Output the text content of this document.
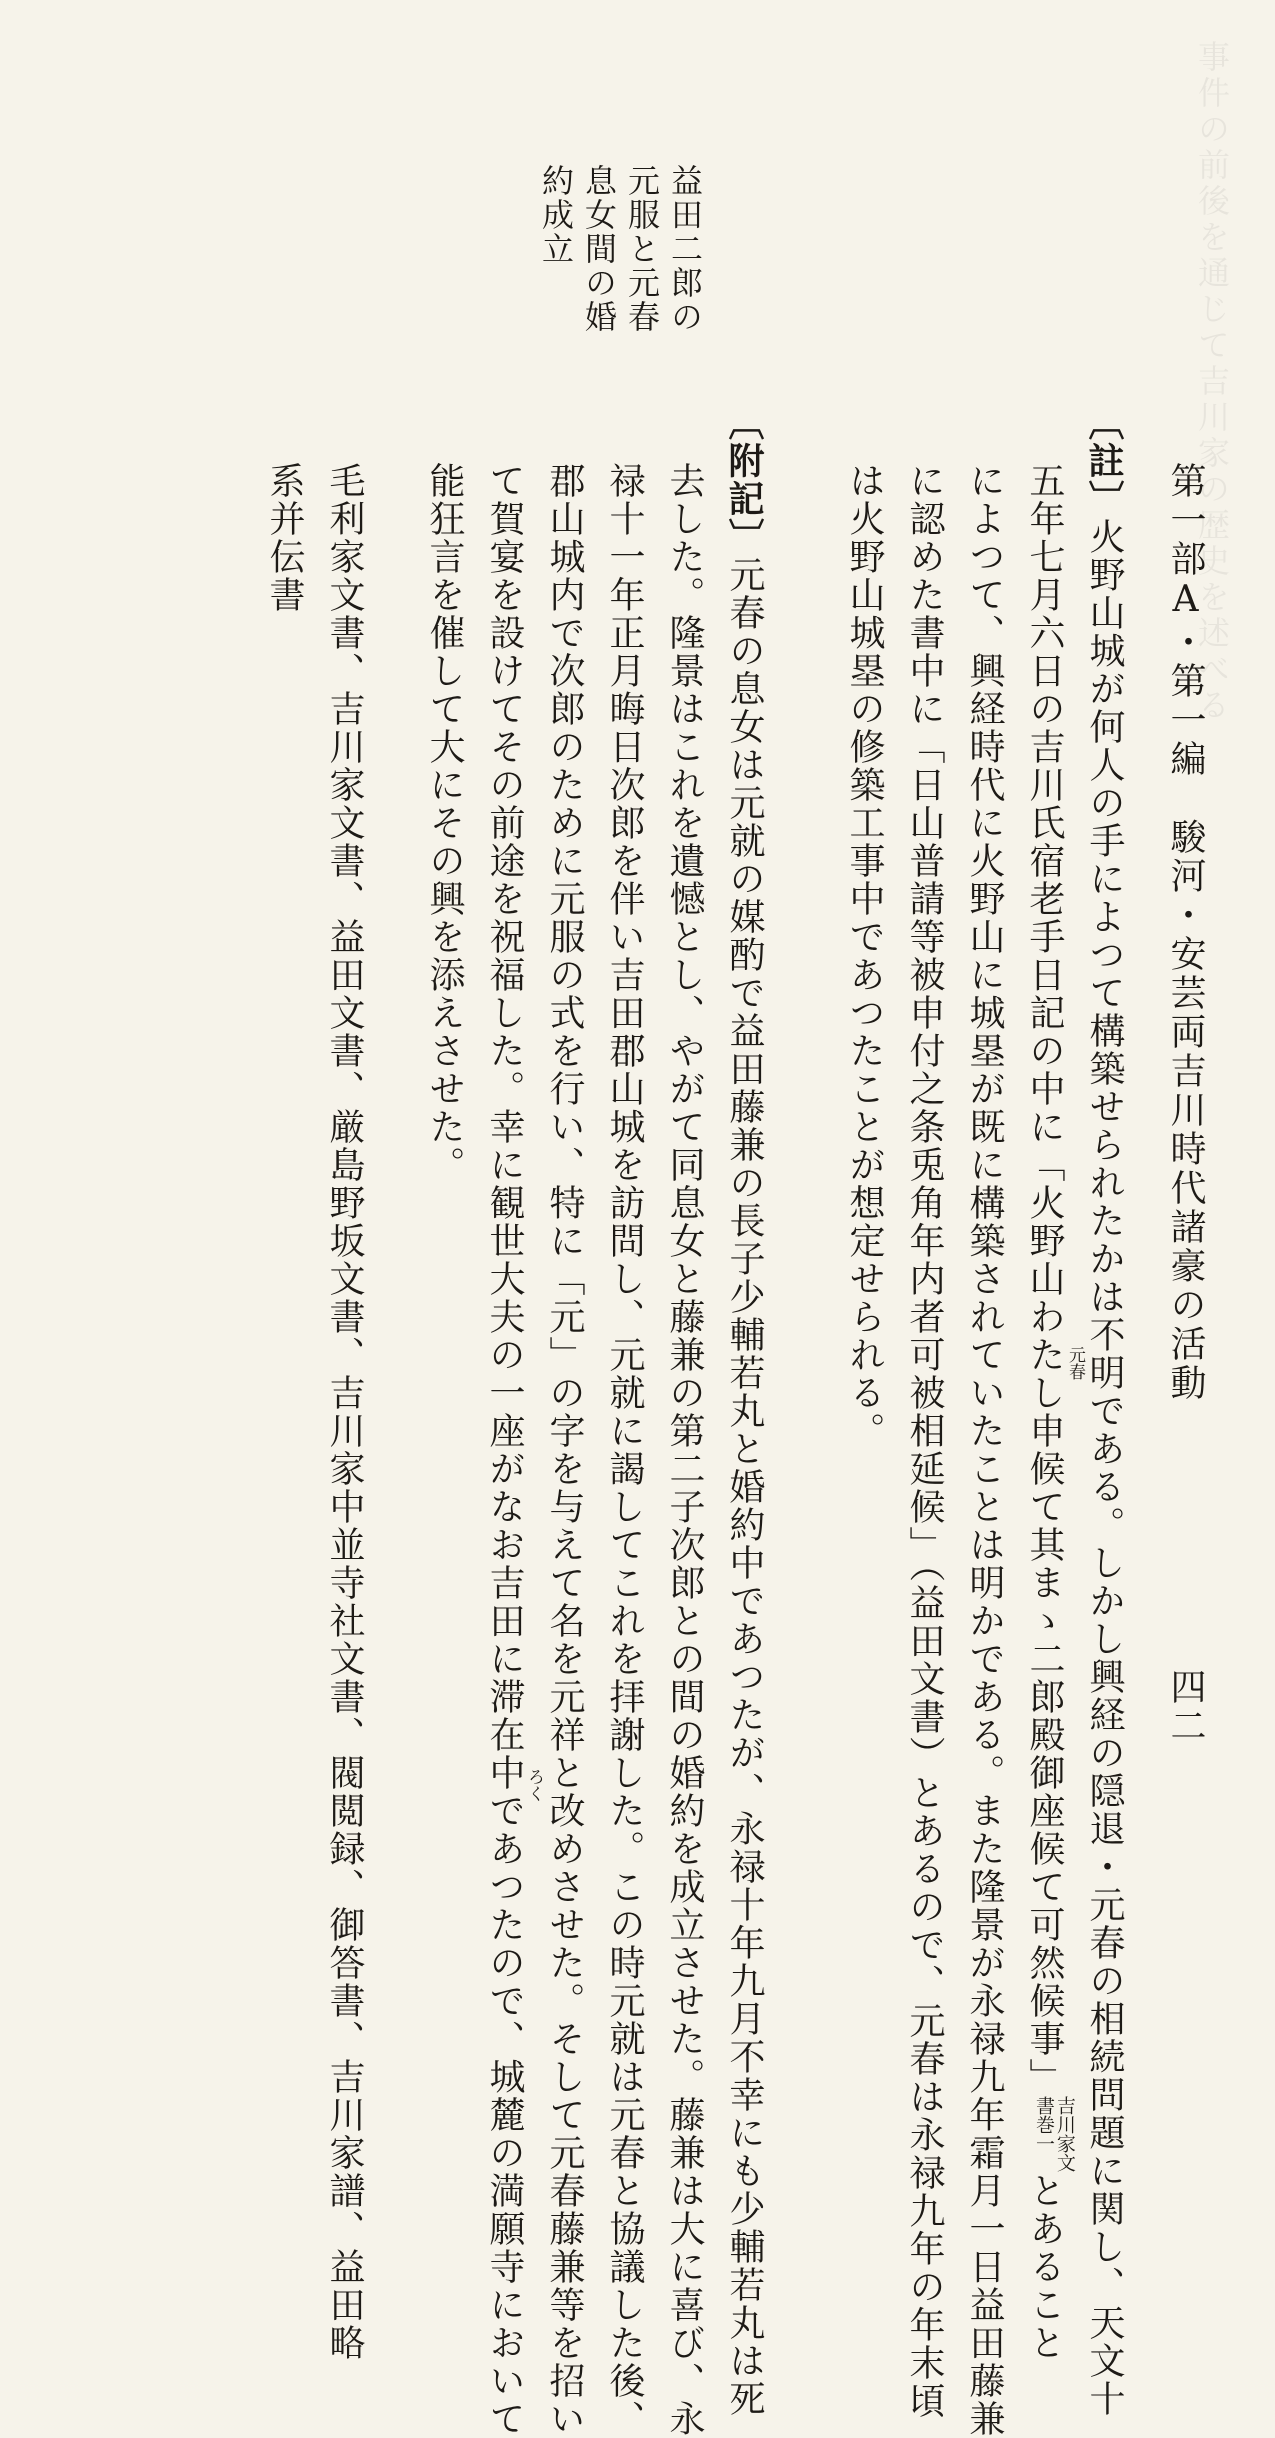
事件の前後を通じて吉川家の歴史を述べる
第一部A・第一編　駿河・安芸両吉川時代諸豪の活動
四二
〔註〕火野山城が何人の手によつて構築せられたかは不明である。しかし興経の隠退・元春の相続問題に関し、天文十
五年七月六日の吉川氏宿老手日記の中に「火野山わたし申候て其まゝ二郎殿御座候て可然候事」吉川家文
書巻一とあること
元春
によつて、興経時代に火野山に城塁が既に構築されていたことは明かである。また隆景が永禄九年霜月一日益田藤兼
に認めた書中に「日山普請等被申付之条兎角年内者可被相延候」（益田文書）とあるので、元春は永禄九年の年末頃
は火野山城塁の修築工事中であつたことが想定せられる。
益田二郎の
元服と元春
息女間の婚
約成立
〔附記〕元春の息女は元就の媒酌で益田藤兼の長子少輔若丸と婚約中であつたが、永禄十年九月不幸にも少輔若丸は死
去した。隆景はこれを遺憾とし、やがて同息女と藤兼の第二子次郎との間の婚約を成立させた。藤兼は大に喜び、永
禄十一年正月晦日次郎を伴い吉田郡山城を訪問し、元就に謁してこれを拝謝した。この時元就は元春と協議した後、
郡山城内で次郎のために元服の式を行い、特に「元」の字を与えて名を元祥と改めさせた。そして元春藤兼等を招い
て賀宴を設けてその前途を祝福した。幸に観世大夫の一座がなお吉田に滞在中であつたので、城麓の満願寺において ろく
能狂言を催して大にその興を添えさせた。
毛利家文書、吉川家文書、益田文書、厳島野坂文書、吉川家中並寺社文書、閥閲録、御答書、吉川家譜、益田略
系并伝書
